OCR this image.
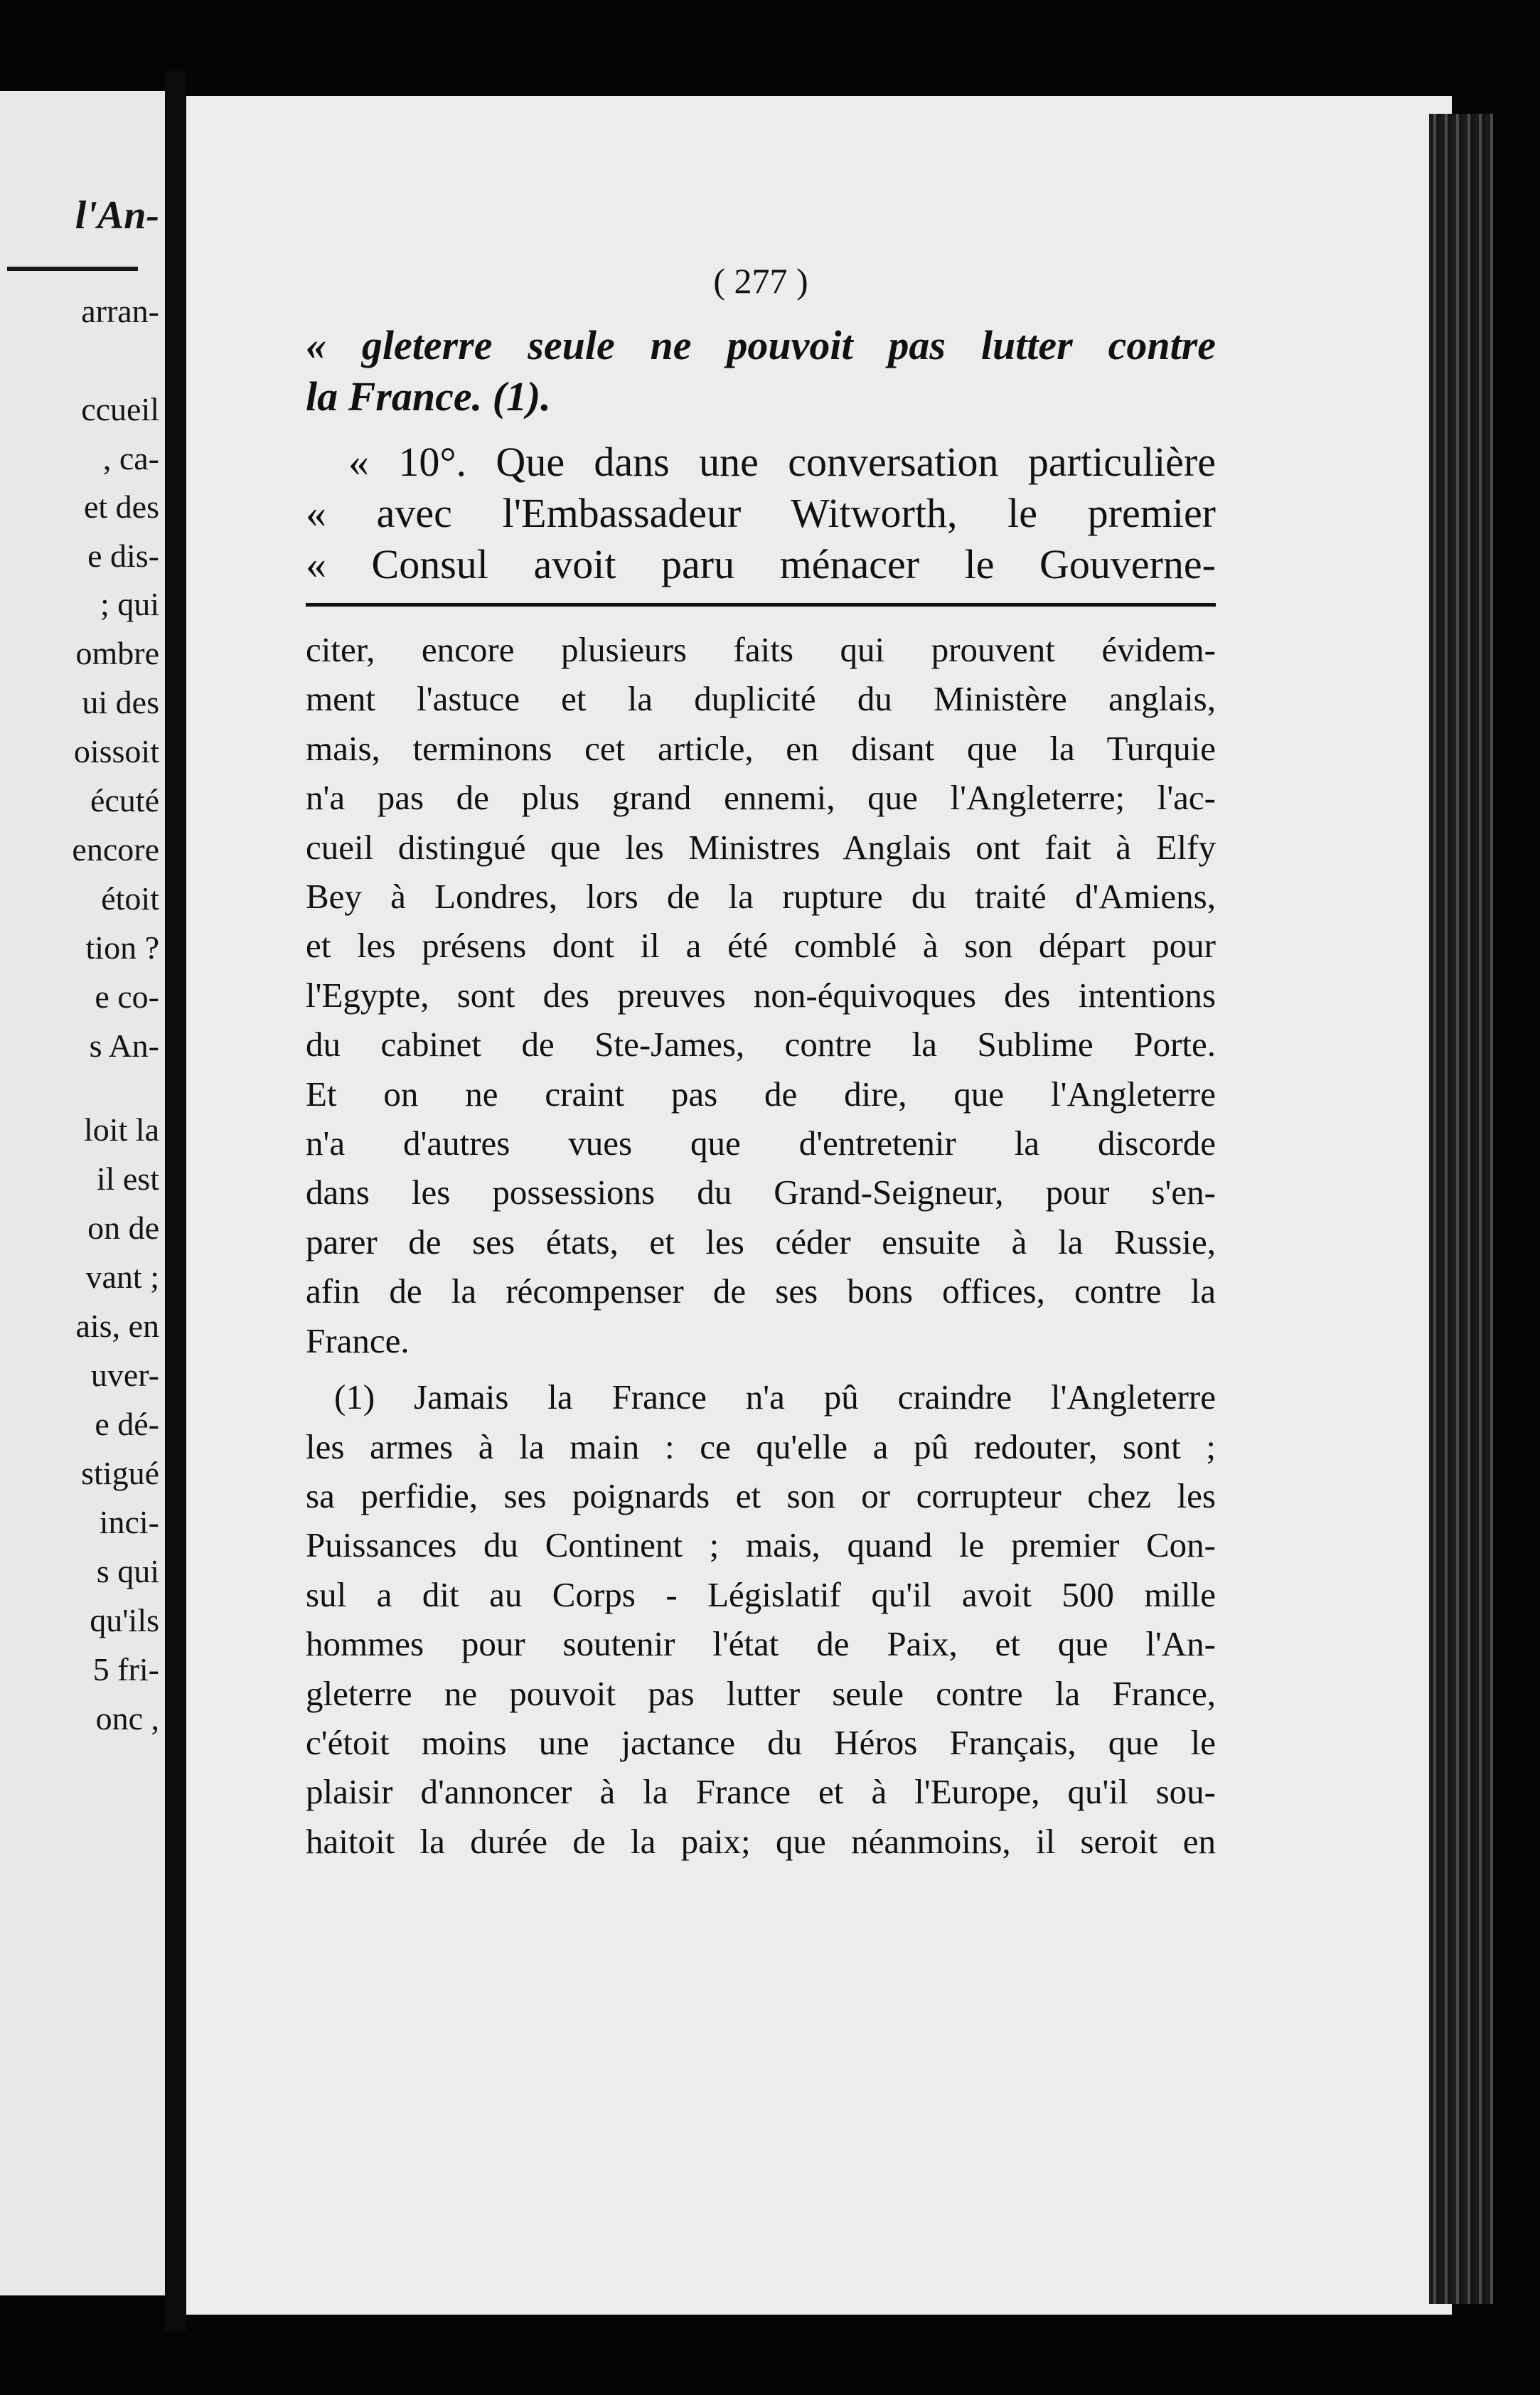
l'An-
arran-
ccueil
, ca-
et des
e dis-
; qui
ombre
ui des
oissoit
écuté
encore
étoit
tion ?
e co-
s An-
loit la
il est
on de
vant ;
ais, en
uver-
e dé-
stigué
inci-
s qui
qu'ils
5 fri-
onc ,
( 277 )
« gleterre seule ne pouvoit pas lutter contre
la France. (1).
« 10°. Que dans une conversation particulière
« avec l'Embassadeur Witworth, le premier
« Consul avoit paru ménacer le Gouverne-
citer, encore plusieurs faits qui prouvent évidem-
ment l'astuce et la duplicité du Ministère anglais,
mais, terminons cet article, en disant que la Turquie
n'a pas de plus grand ennemi, que l'Angleterre; l'ac-
cueil distingué que les Ministres Anglais ont fait à Elfy
Bey à Londres, lors de la rupture du traité d'Amiens,
et les présens dont il a été comblé à son départ pour
l'Egypte, sont des preuves non-équivoques des intentions
du cabinet de Ste-James, contre la Sublime Porte.
Et on ne craint pas de dire, que l'Angleterre
n'a d'autres vues que d'entretenir la discorde
dans les possessions du Grand-Seigneur, pour s'en-
parer de ses états, et les céder ensuite à la Russie,
afin de la récompenser de ses bons offices, contre la
France.
(1) Jamais la France n'a pû craindre l'Angleterre
les armes à la main : ce qu'elle a pû redouter, sont ;
sa perfidie, ses poignards et son or corrupteur chez les
Puissances du Continent ; mais, quand le premier Con-
sul a dit au Corps - Législatif qu'il avoit 500 mille
hommes pour soutenir l'état de Paix, et que l'An-
gleterre ne pouvoit pas lutter seule contre la France,
c'étoit moins une jactance du Héros Français, que le
plaisir d'annoncer à la France et à l'Europe, qu'il sou-
haitoit la durée de la paix; que néanmoins, il seroit en
